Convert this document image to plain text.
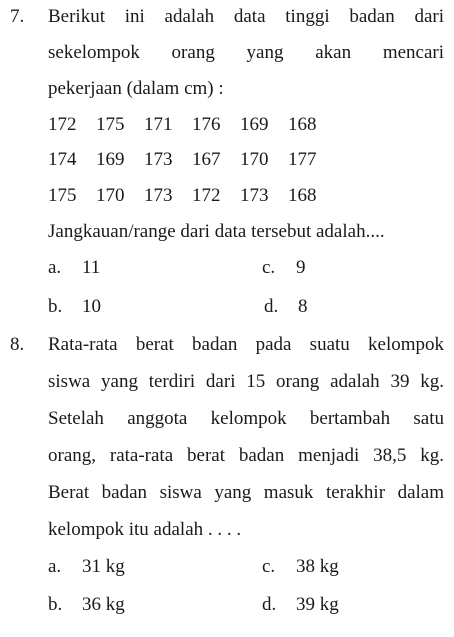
7. Berikut ini adalah data tinggi badan dari
sekelompok orang yang akan mencari
pekerjaan (dalam cm) :
172	175	171	176	169	168
174	169	173	167	170	177
175	170	173	172	173	168
Jangkauan/range dari data tersebut adalah....
a. 11	c. 9
b. 10	d. 8
8. Rata-rata berat badan pada suatu kelompok
siswa yang terdiri dari 15 orang adalah 39 kg.
Setelah anggota kelompok bertambah satu
orang, rata-rata berat badan menjadi 38,5 kg.
Berat badan siswa yang masuk terakhir dalam
kelompok itu adalah . . . .
a. 31 kg	c. 38 kg
b. 36 kg	d. 39 kg
